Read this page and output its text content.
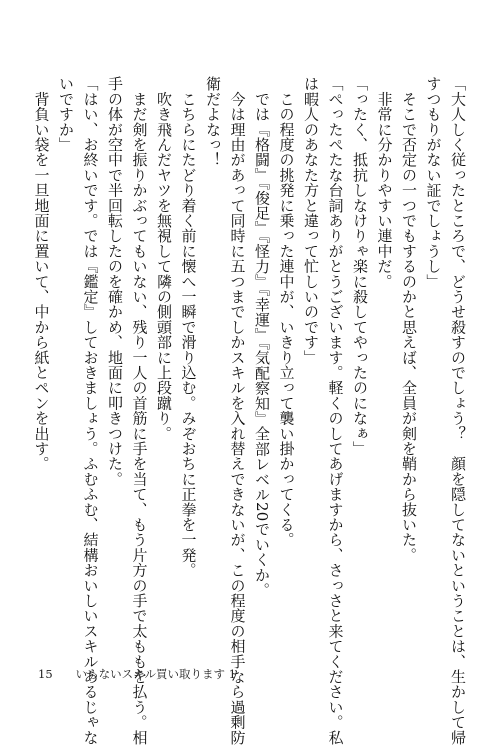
「大人しく従ったところで、どうせ殺すのでしょう？　顔を隠してないということは、生かして帰
すつもりがない証でしょうし」
　そこで否定の一つでもするのかと思えば、全員が剣を鞘から抜いた。
　非常に分かりやすい連中だ。
「ったく、抵抗しなけりゃ楽に殺してやったのになぁ」
「ぺったぺたな台詞ありがとうございます。軽くのしてあげますから、さっさと来てください。私
は暇人のあなた方と違って忙しいのです」
　この程度の挑発に乗った連中が、いきり立って襲い掛かってくる。
　では『格闘』『俊足』『怪力』『幸運』『気配察知』全部レベル20でいくか。
　今は理由があって同時に五つまでしかスキルを入れ替えできないが、この程度の相手なら過剰防
衛だよなっ！
　こちらにたどり着く前に懐へ一瞬で滑り込む。みぞおちに正拳を一発。
　吹き飛んだヤツを無視して隣の側頭部に上段蹴り。
　まだ剣を振りかぶってもいない、残り一人の首筋に手を当て、もう片方の手で太ももを払う。相
手の体が空中で半回転したのを確かめ、地面に叩きつけた。
「はい、お終いです。では『鑑定』しておきましょう。ふむふむ、結構おいしいスキルあるじゃな
いですか」
　背負い袋を一旦地面に置いて、中から紙とペンを出す。
15 いらないスキル買い取ります 1
